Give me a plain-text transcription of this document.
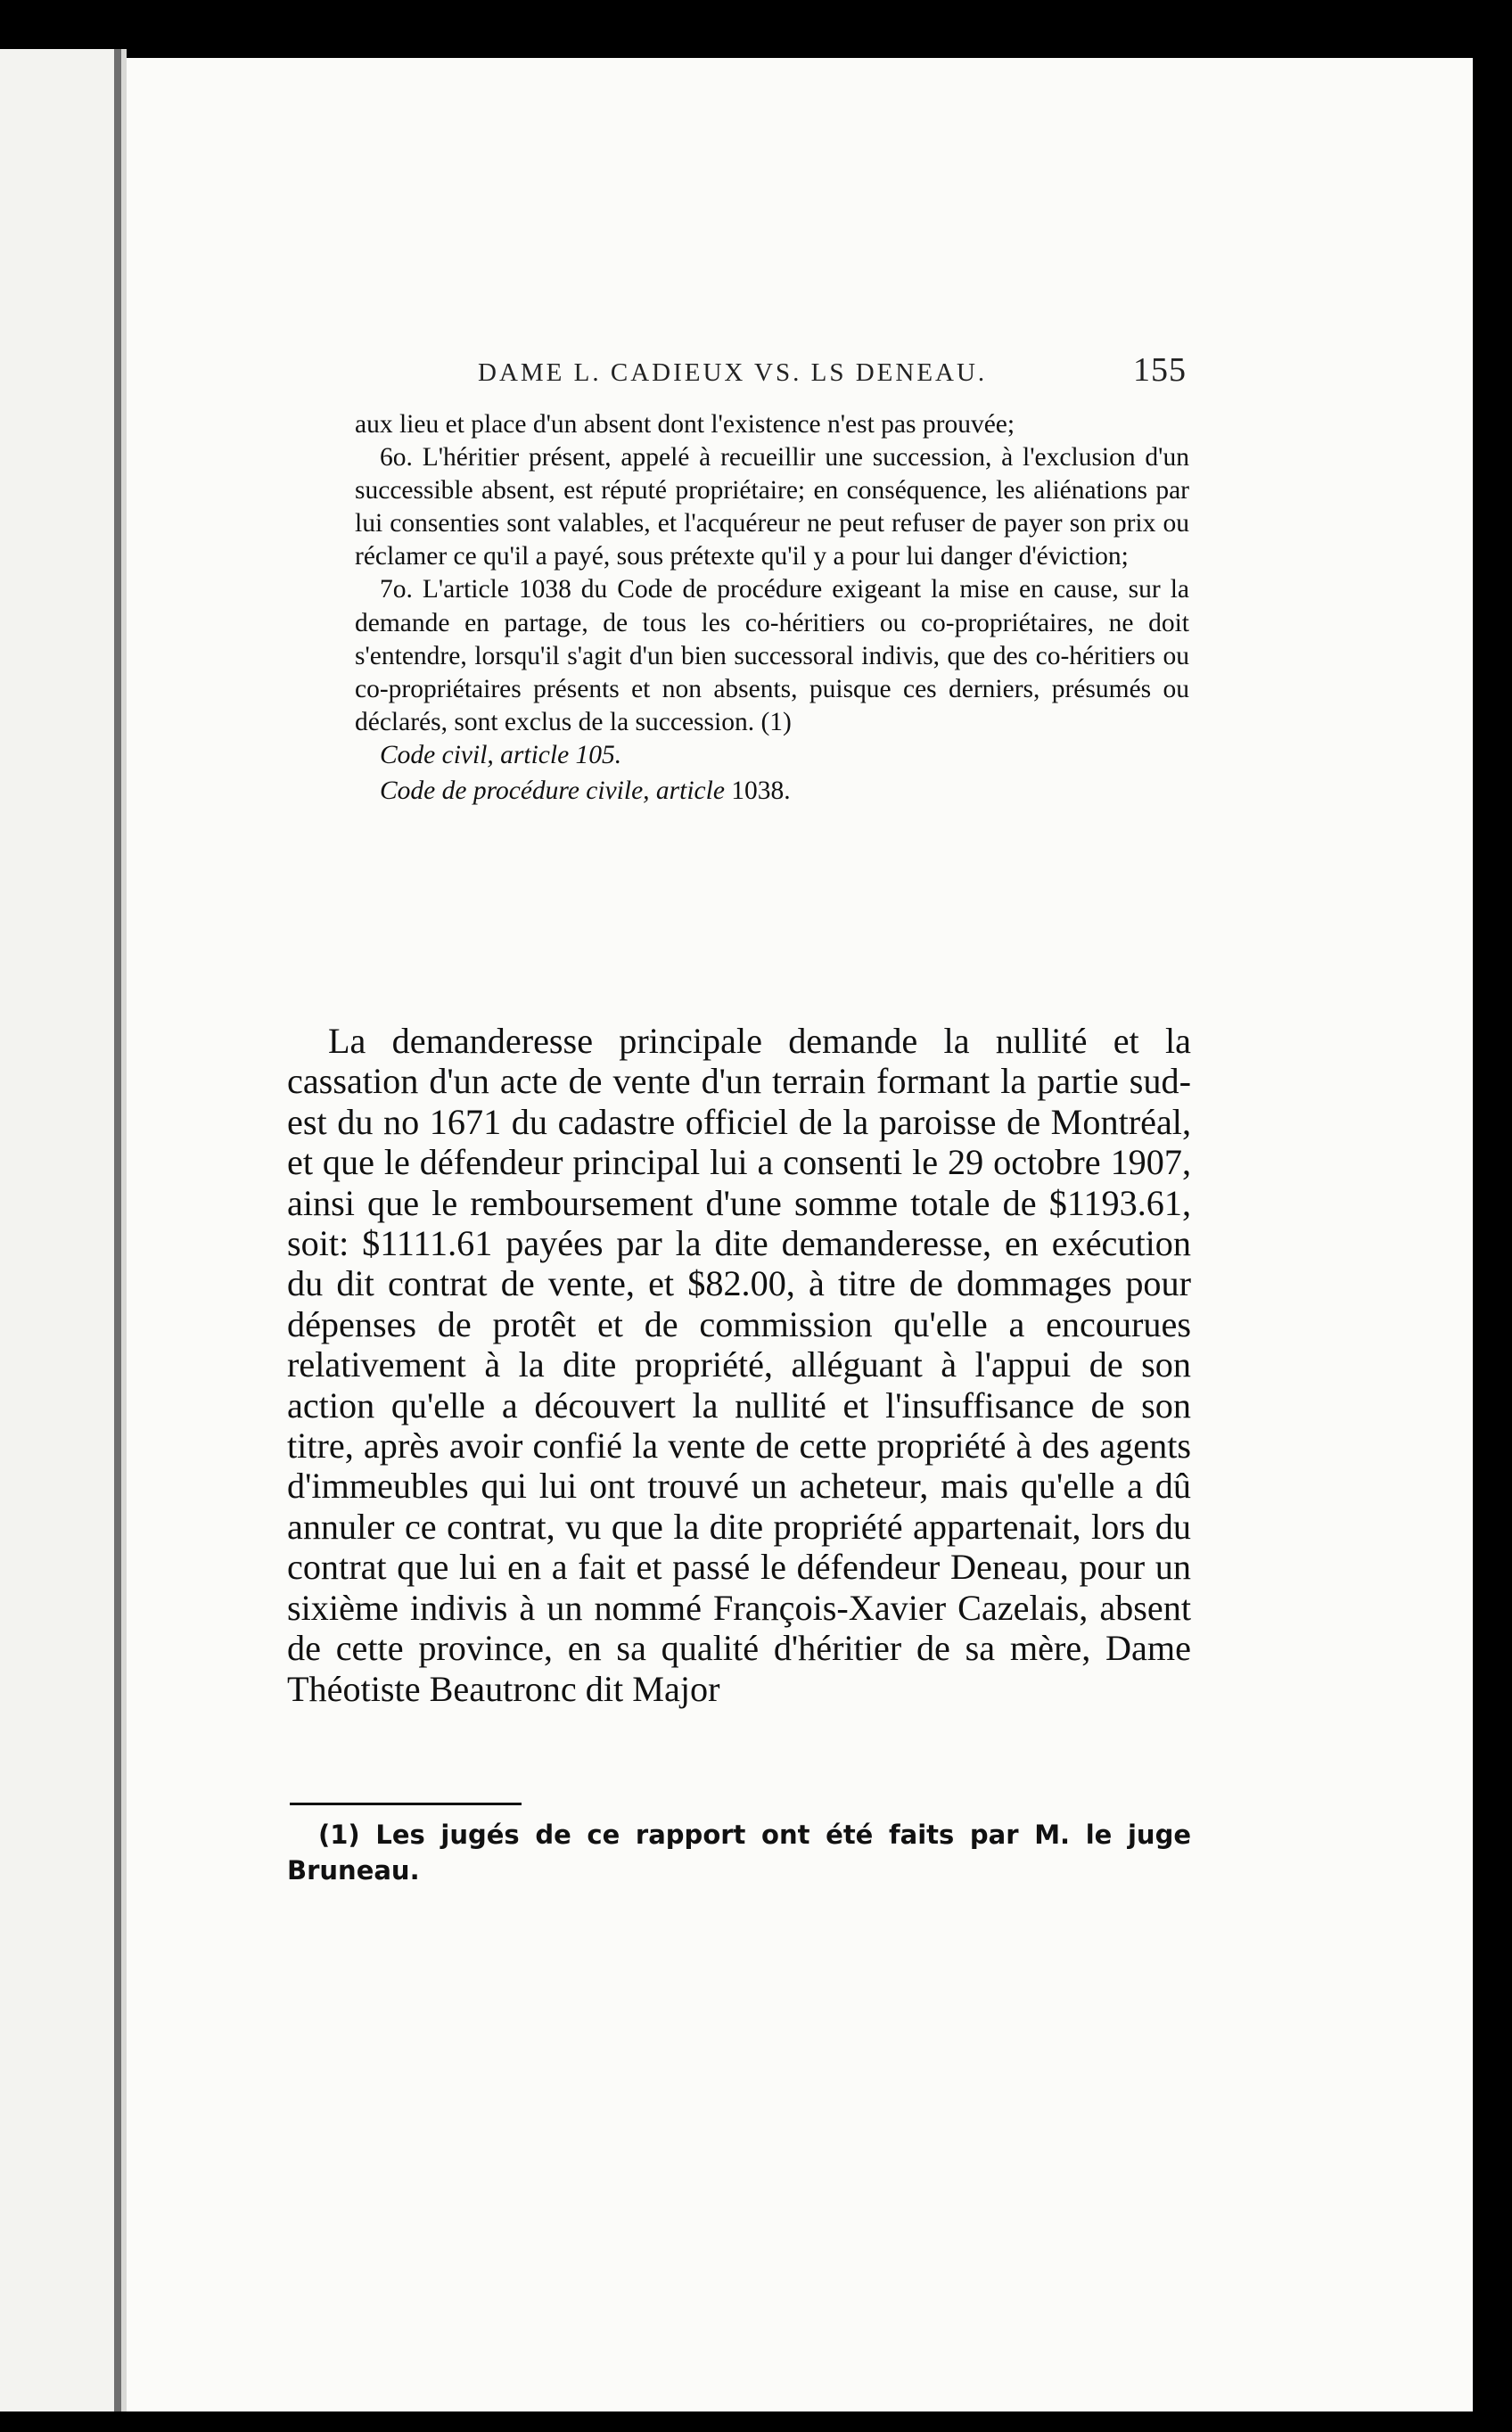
DAME L. CADIEUX VS. LS DENEAU.	155

aux lieu et place d'un absent dont l'existence n'est pas prouvée;

6o. L'héritier présent, appelé à recueillir une succession, à l'exclusion d'un successible absent, est réputé propriétaire; en conséquence, les aliénations par lui consenties sont valables, et l'acquéreur ne peut refuser de payer son prix ou réclamer ce qu'il a payé, sous prétexte qu'il y a pour lui danger d'éviction;

7o. L'article 1038 du Code de procédure exigeant la mise en cause, sur la demande en partage, de tous les co-héritiers ou co-propriétaires, ne doit s'entendre, lorsqu'il s'agit d'un bien successoral indivis, que des co-héritiers ou co-propriétaires présents et non absents, puisque ces derniers, présumés ou déclarés, sont exclus de la succession. (1)

Code civil, article 105.

Code de procédure civile, article 1038.

La demanderesse principale demande la nullité et la cassation d'un acte de vente d'un terrain formant la partie sud-est du no 1671 du cadastre officiel de la paroisse de Montréal, et que le défendeur principal lui a consenti le 29 octobre 1907, ainsi que le remboursement d'une somme totale de $1193.61, soit: $1111.61 payées par la dite demanderesse, en exécution du dit contrat de vente, et $82.00, à titre de dommages pour dépenses de protêt et de commission qu'elle a encourues relativement à la dite propriété, alléguant à l'appui de son action qu'elle a découvert la nullité et l'insuffisance de son titre, après avoir confié la vente de cette propriété à des agents d'immeubles qui lui ont trouvé un acheteur, mais qu'elle a dû annuler ce contrat, vu que la dite propriété appartenait, lors du contrat que lui en a fait et passé le défendeur Deneau, pour un sixième indivis à un nommé François-Xavier Cazelais, absent de cette province, en sa qualité d'héritier de sa mère, Dame Théotiste Beautronc dit Major

(1) Les jugés de ce rapport ont été faits par M. le juge Bruneau.
